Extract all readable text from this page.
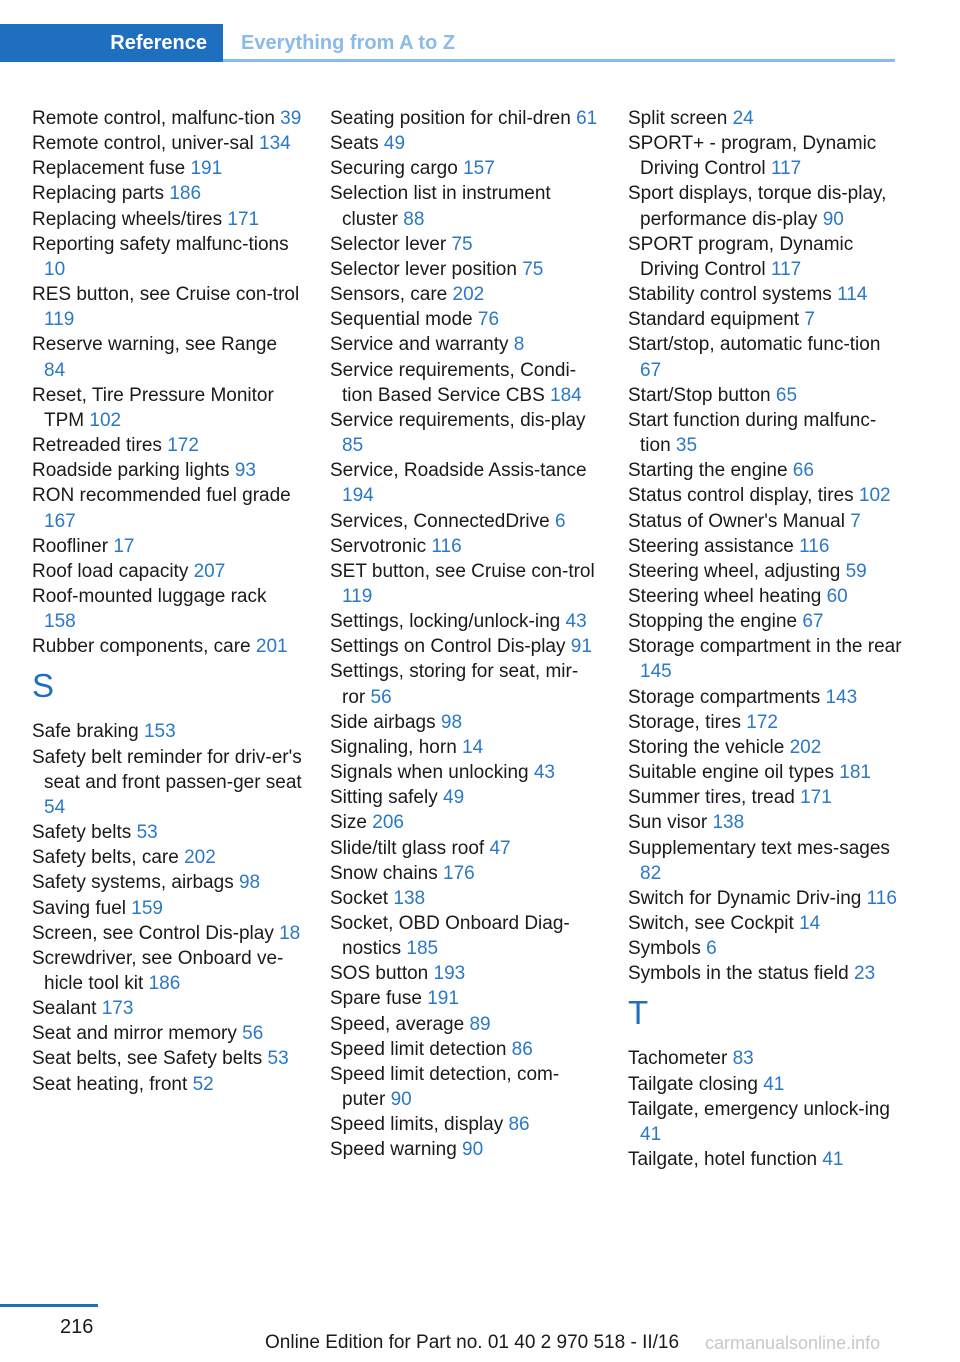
Reference	Everything from A to Z
Remote control, malfunc-tion 39
Remote control, univer-sal 134
Replacement fuse 191
Replacing parts 186
Replacing wheels/tires 171
Reporting safety malfunc-tions 10
RES button, see Cruise con-trol 119
Reserve warning, see Range 84
Reset, Tire Pressure Monitor TPM 102
Retreaded tires 172
Roadside parking lights 93
RON recommended fuel grade 167
Roofliner 17
Roof load capacity 207
Roof-mounted luggage rack 158
Rubber components, care 201
S
Safe braking 153
Safety belt reminder for driv-er's seat and front passen-ger seat 54
Safety belts 53
Safety belts, care 202
Safety systems, airbags 98
Saving fuel 159
Screen, see Control Dis-play 18
Screwdriver, see Onboard ve-hicle tool kit 186
Sealant 173
Seat and mirror memory 56
Seat belts, see Safety belts 53
Seat heating, front 52
Seating position for chil-dren 61
Seats 49
Securing cargo 157
Selection list in instrument cluster 88
Selector lever 75
Selector lever position 75
Sensors, care 202
Sequential mode 76
Service and warranty 8
Service requirements, Condi-tion Based Service CBS 184
Service requirements, dis-play 85
Service, Roadside Assis-tance 194
Services, ConnectedDrive 6
Servotronic 116
SET button, see Cruise con-trol 119
Settings, locking/unlock-ing 43
Settings on Control Dis-play 91
Settings, storing for seat, mir-ror 56
Side airbags 98
Signaling, horn 14
Signals when unlocking 43
Sitting safely 49
Size 206
Slide/tilt glass roof 47
Snow chains 176
Socket 138
Socket, OBD Onboard Diag-nostics 185
SOS button 193
Spare fuse 191
Speed, average 89
Speed limit detection 86
Speed limit detection, com-puter 90
Speed limits, display 86
Speed warning 90
Split screen 24
SPORT+ - program, Dynamic Driving Control 117
Sport displays, torque dis-play, performance dis-play 90
SPORT program, Dynamic Driving Control 117
Stability control systems 114
Standard equipment 7
Start/stop, automatic func-tion 67
Start/Stop button 65
Start function during malfunc-tion 35
Starting the engine 66
Status control display, tires 102
Status of Owner's Manual 7
Steering assistance 116
Steering wheel, adjusting 59
Steering wheel heating 60
Stopping the engine 67
Storage compartment in the rear 145
Storage compartments 143
Storage, tires 172
Storing the vehicle 202
Suitable engine oil types 181
Summer tires, tread 171
Sun visor 138
Supplementary text mes-sages 82
Switch for Dynamic Driv-ing 116
Switch, see Cockpit 14
Symbols 6
Symbols in the status field 23
T
Tachometer 83
Tailgate closing 41
Tailgate, emergency unlock-ing 41
Tailgate, hotel function 41
216
Online Edition for Part no. 01 40 2 970 518 - II/16 carmanualsonline.info
